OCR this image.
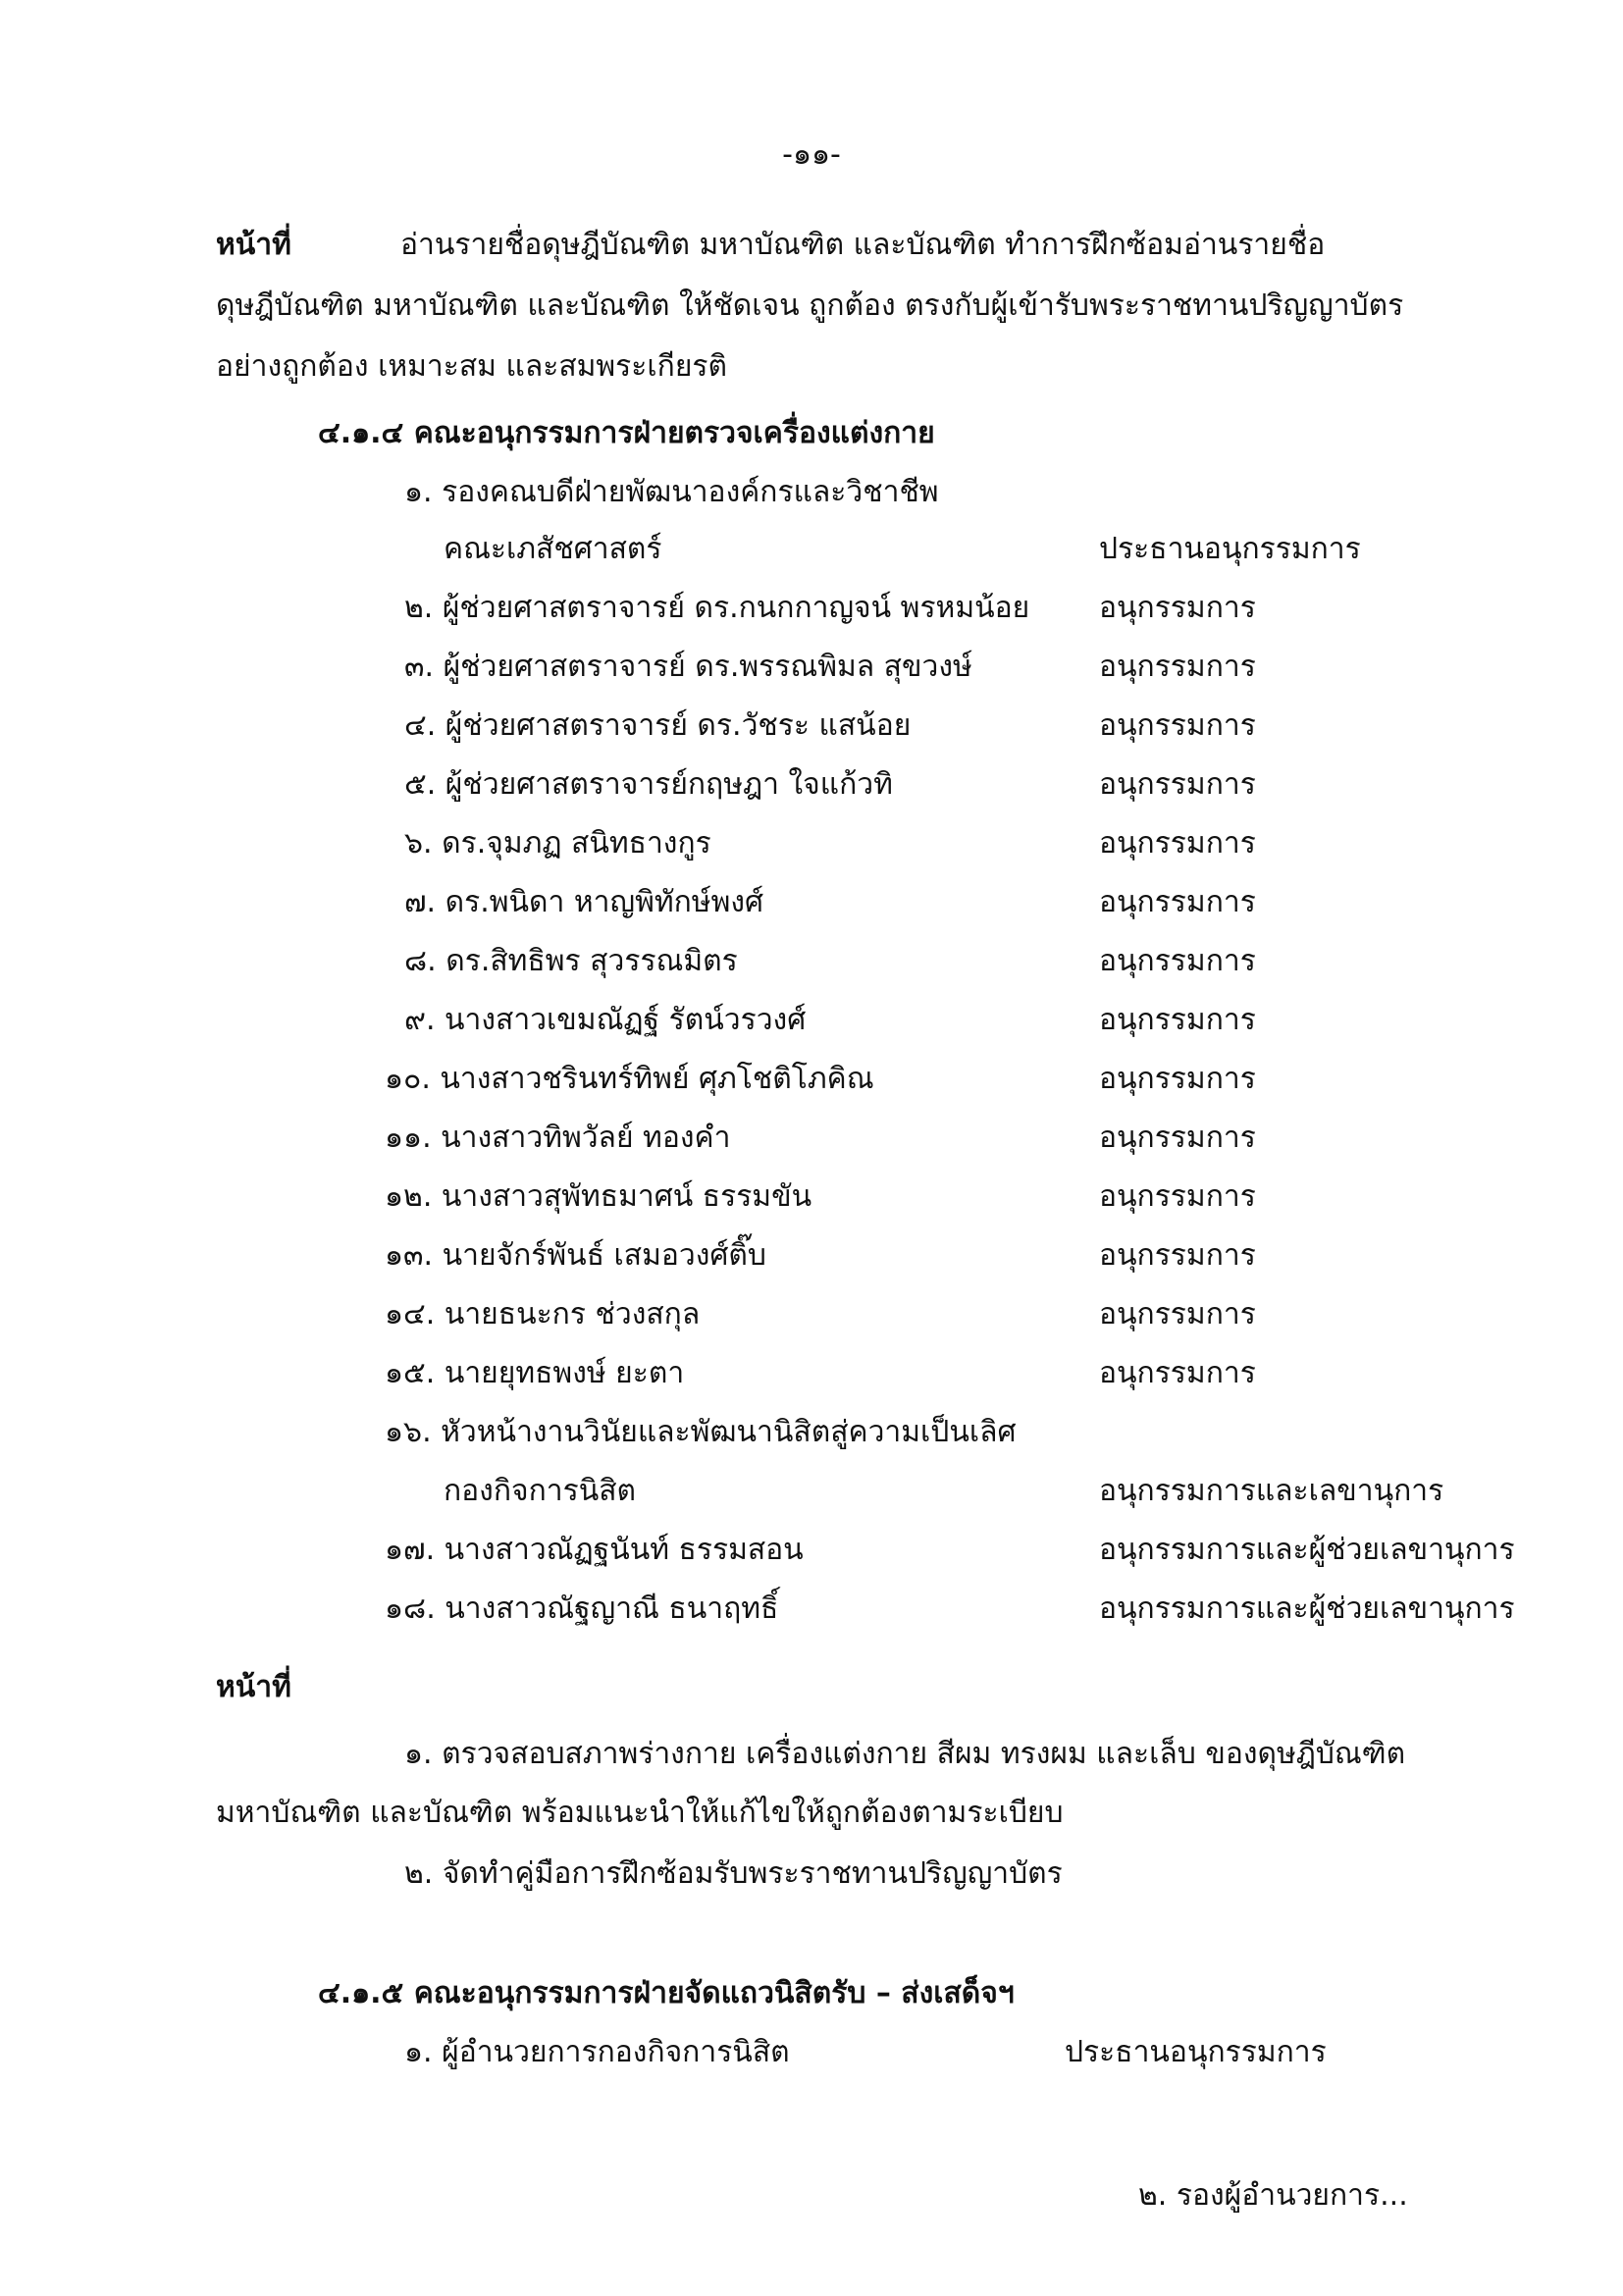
-๑๑-
หน้าที่	อ่านรายชื่อดุษฎีบัณฑิต มหาบัณฑิต และบัณฑิต ทำการฝึกซ้อมอ่านรายชื่อ
ดุษฎีบัณฑิต มหาบัณฑิต และบัณฑิต ให้ชัดเจน ถูกต้อง ตรงกับผู้เข้ารับพระราชทานปริญญาบัตร
อย่างถูกต้อง เหมาะสม และสมพระเกียรติ
๔.๑.๔ คณะอนุกรรมการฝ่ายตรวจเครื่องแต่งกาย
๑. รองคณบดีฝ่ายพัฒนาองค์กรและวิชาชีพ
คณะเภสัชศาสตร์	ประธานอนุกรรมการ
๒. ผู้ช่วยศาสตราจารย์ ดร.กนกกาญจน์ พรหมน้อย อนุกรรมการ
๓. ผู้ช่วยศาสตราจารย์ ดร.พรรณพิมล สุขวงษ์	อนุกรรมการ
๔. ผู้ช่วยศาสตราจารย์ ดร.วัชระ แสน้อย	อนุกรรมการ
๕. ผู้ช่วยศาสตราจารย์กฤษฎา ใจแก้วทิ	อนุกรรมการ
๖. ดร.จุมภฏ สนิทธางกูร	อนุกรรมการ
๗. ดร.พนิดา หาญพิทักษ์พงศ์	อนุกรรมการ
๘. ดร.สิทธิพร สุวรรณมิตร	อนุกรรมการ
๙. นางสาวเขมณัฏฐ์ รัตน์วรวงศ์	อนุกรรมการ
๑๐. นางสาวชรินทร์ทิพย์ ศุภโชติโภคิณ	อนุกรรมการ
๑๑. นางสาวทิพวัลย์ ทองคำ	อนุกรรมการ
๑๒. นางสาวสุพัทธมาศน์ ธรรมขัน	อนุกรรมการ
๑๓. นายจักร์พันธ์ เสมอวงศ์ติ๊บ	อนุกรรมการ
๑๔. นายธนะกร ช่วงสกุล	อนุกรรมการ
๑๕. นายยุทธพงษ์ ยะตา	อนุกรรมการ
๑๖. หัวหน้างานวินัยและพัฒนานิสิตสู่ความเป็นเลิศ
กองกิจการนิสิต	อนุกรรมการและเลขานุการ
๑๗. นางสาวณัฏฐนันท์ ธรรมสอน	อนุกรรมการและผู้ช่วยเลขานุการ
๑๘. นางสาวณัฐญาณี ธนาฤทธิ์	อนุกรรมการและผู้ช่วยเลขานุการ
หน้าที่
๑. ตรวจสอบสภาพร่างกาย เครื่องแต่งกาย สีผม ทรงผม และเล็บ ของดุษฎีบัณฑิต
มหาบัณฑิต และบัณฑิต พร้อมแนะนำให้แก้ไขให้ถูกต้องตามระเบียบ
๒. จัดทำคู่มือการฝึกซ้อมรับพระราชทานปริญญาบัตร
๔.๑.๕ คณะอนุกรรมการฝ่ายจัดแถวนิสิตรับ – ส่งเสด็จฯ
๑. ผู้อำนวยการกองกิจการนิสิต	ประธานอนุกรรมการ
๒. รองผู้อำนวยการ...
